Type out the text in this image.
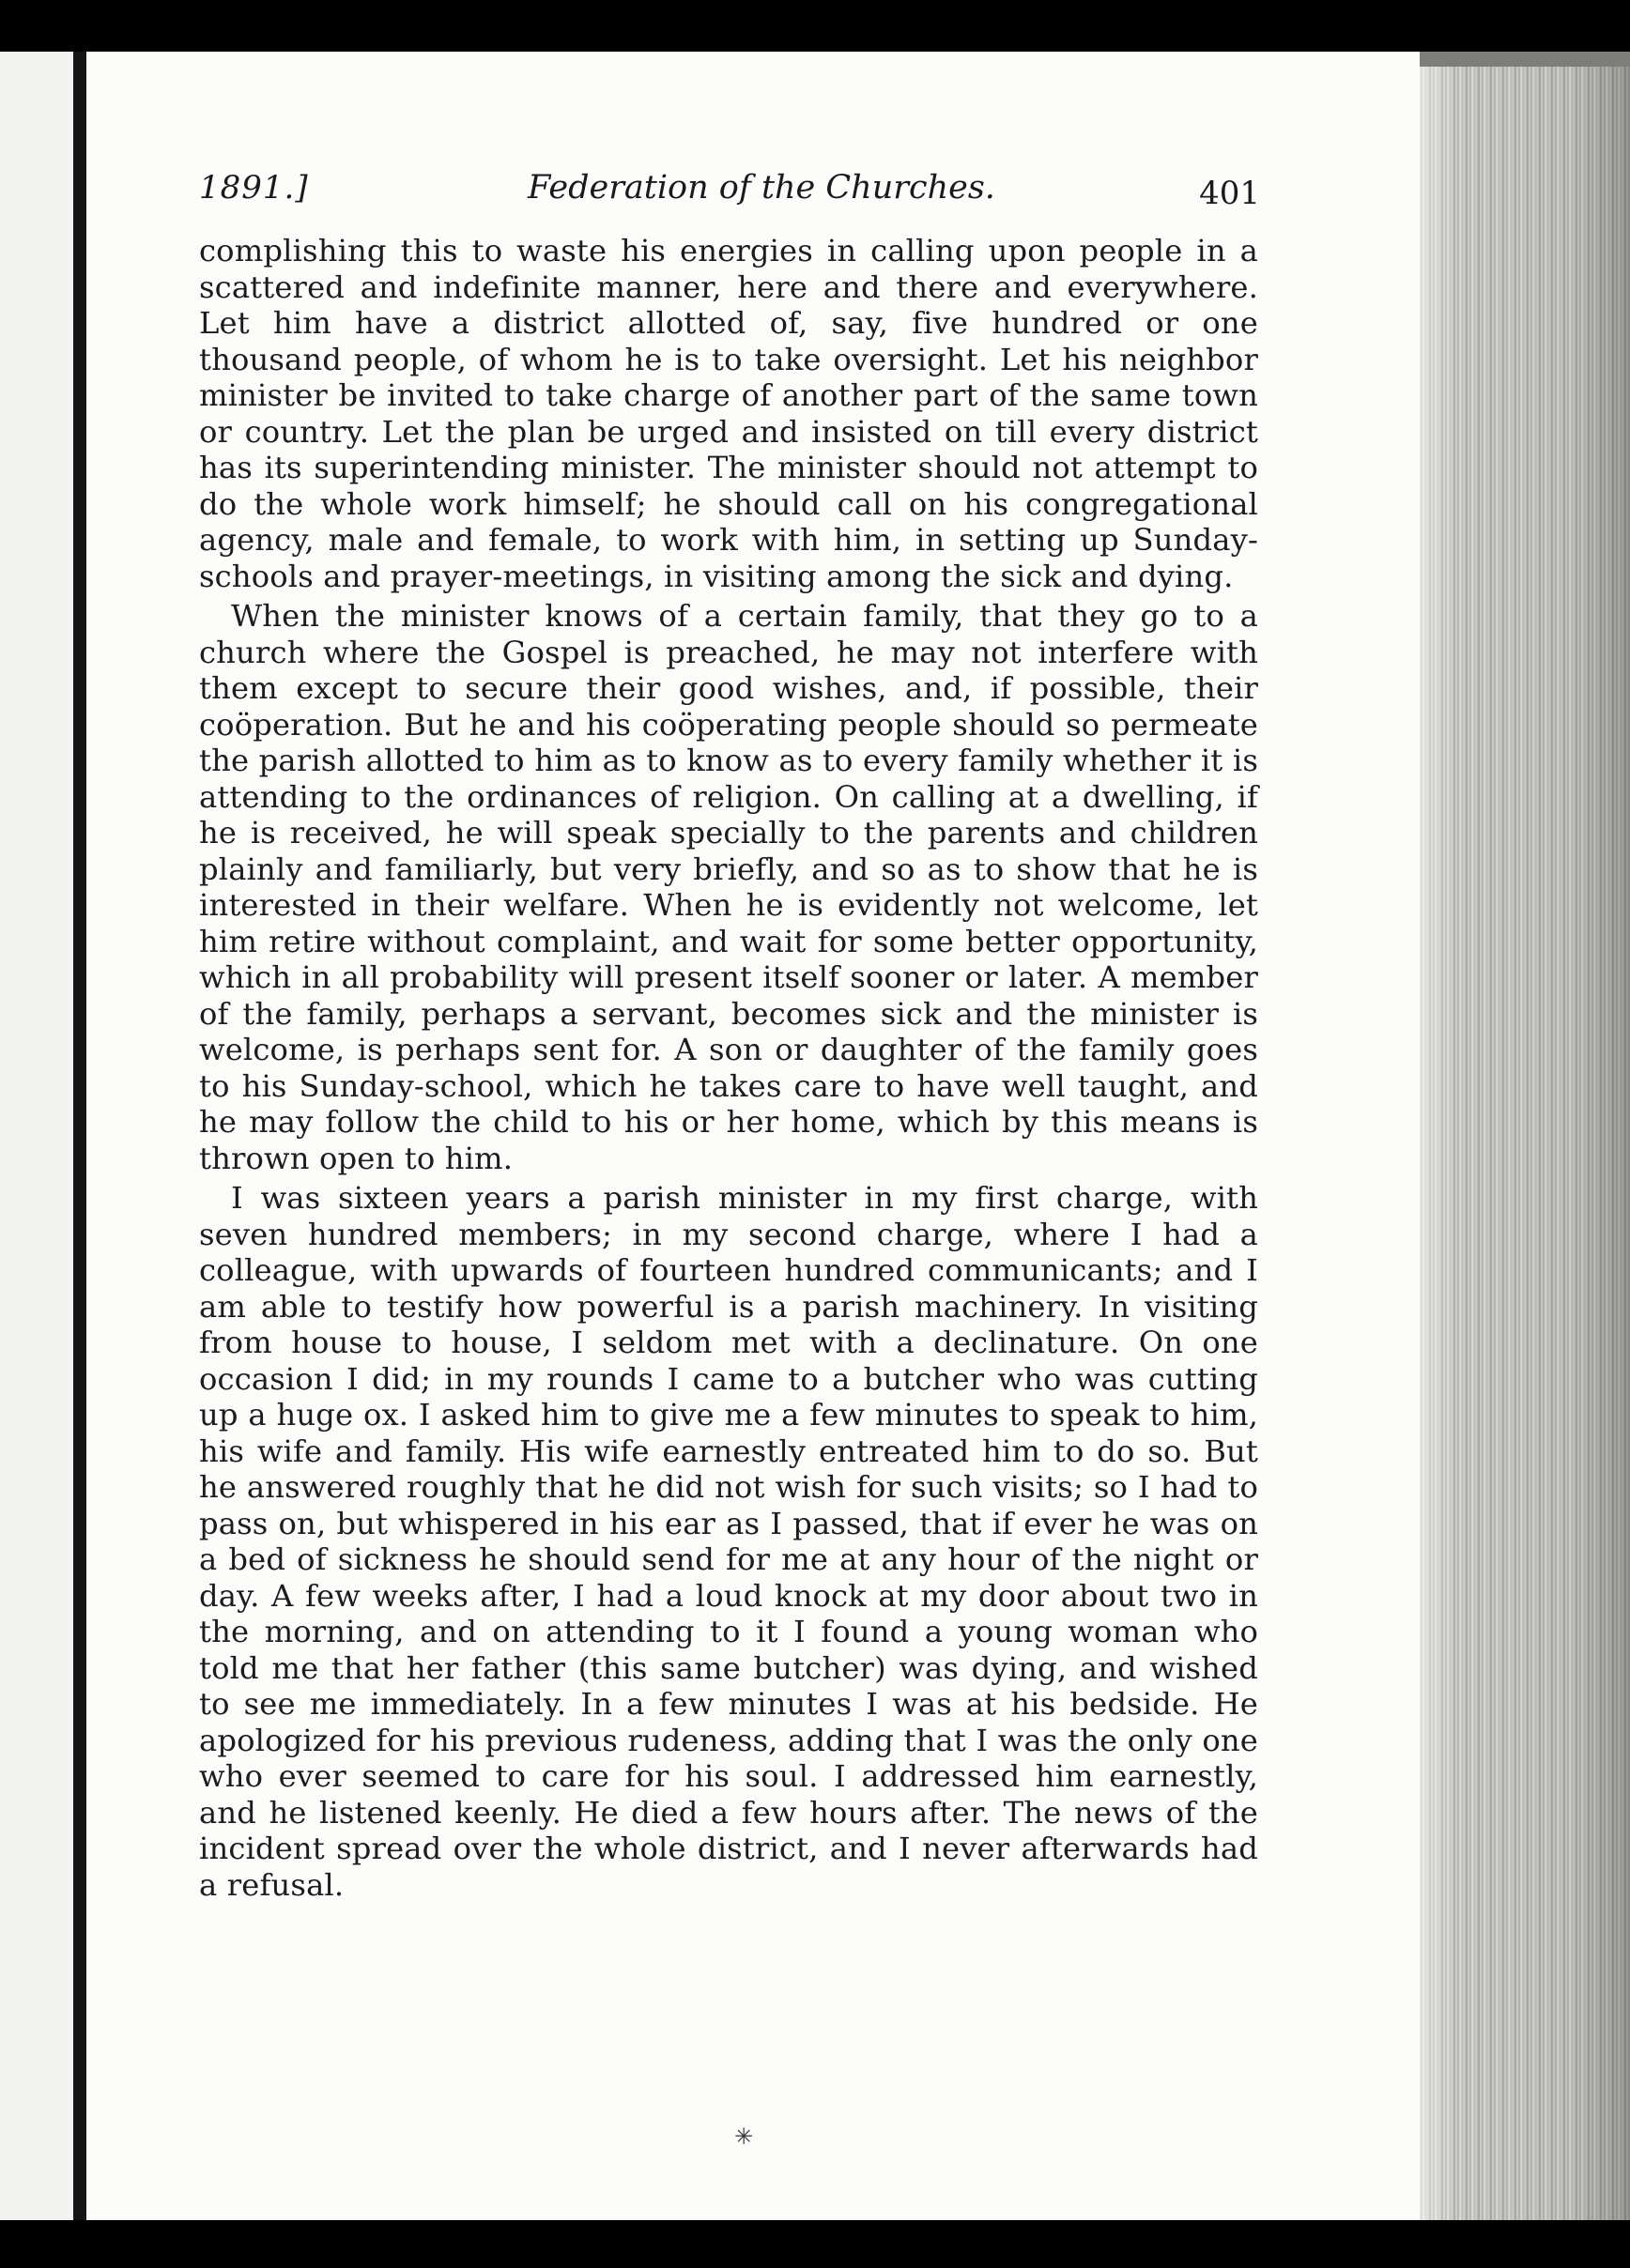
1891.]	Federation of the Churches.	401

complishing this to waste his energies in calling upon people in a scattered and indefinite manner, here and there and everywhere. Let him have a district allotted of, say, five hundred or one thousand people, of whom he is to take oversight. Let his neighbor minister be invited to take charge of another part of the same town or country. Let the plan be urged and insisted on till every district has its superintending minister. The minister should not attempt to do the whole work himself; he should call on his congregational agency, male and female, to work with him, in setting up Sunday-schools and prayer-meetings, in visiting among the sick and dying.

When the minister knows of a certain family, that they go to a church where the Gospel is preached, he may not interfere with them except to secure their good wishes, and, if possible, their coöperation. But he and his coöperating people should so permeate the parish allotted to him as to know as to every family whether it is attending to the ordinances of religion. On calling at a dwelling, if he is received, he will speak specially to the parents and children plainly and familiarly, but very briefly, and so as to show that he is interested in their welfare. When he is evidently not welcome, let him retire without complaint, and wait for some better opportunity, which in all probability will present itself sooner or later. A member of the family, perhaps a servant, becomes sick and the minister is welcome, is perhaps sent for. A son or daughter of the family goes to his Sunday-school, which he takes care to have well taught, and he may follow the child to his or her home, which by this means is thrown open to him.

I was sixteen years a parish minister in my first charge, with seven hundred members; in my second charge, where I had a colleague, with upwards of fourteen hundred communicants; and I am able to testify how powerful is a parish machinery. In visiting from house to house, I seldom met with a declinature. On one occasion I did; in my rounds I came to a butcher who was cutting up a huge ox. I asked him to give me a few minutes to speak to him, his wife and family. His wife earnestly entreated him to do so. But he answered roughly that he did not wish for such visits; so I had to pass on, but whispered in his ear as I passed, that if ever he was on a bed of sickness he should send for me at any hour of the night or day. A few weeks after, I had a loud knock at my door about two in the morning, and on attending to it I found a young woman who told me that her father (this same butcher) was dying, and wished to see me immediately. In a few minutes I was at his bedside. He apologized for his previous rudeness, adding that I was the only one who ever seemed to care for his soul. I addressed him earnestly, and he listened keenly. He died a few hours after. The news of the incident spread over the whole district, and I never afterwards had a refusal.

✳
